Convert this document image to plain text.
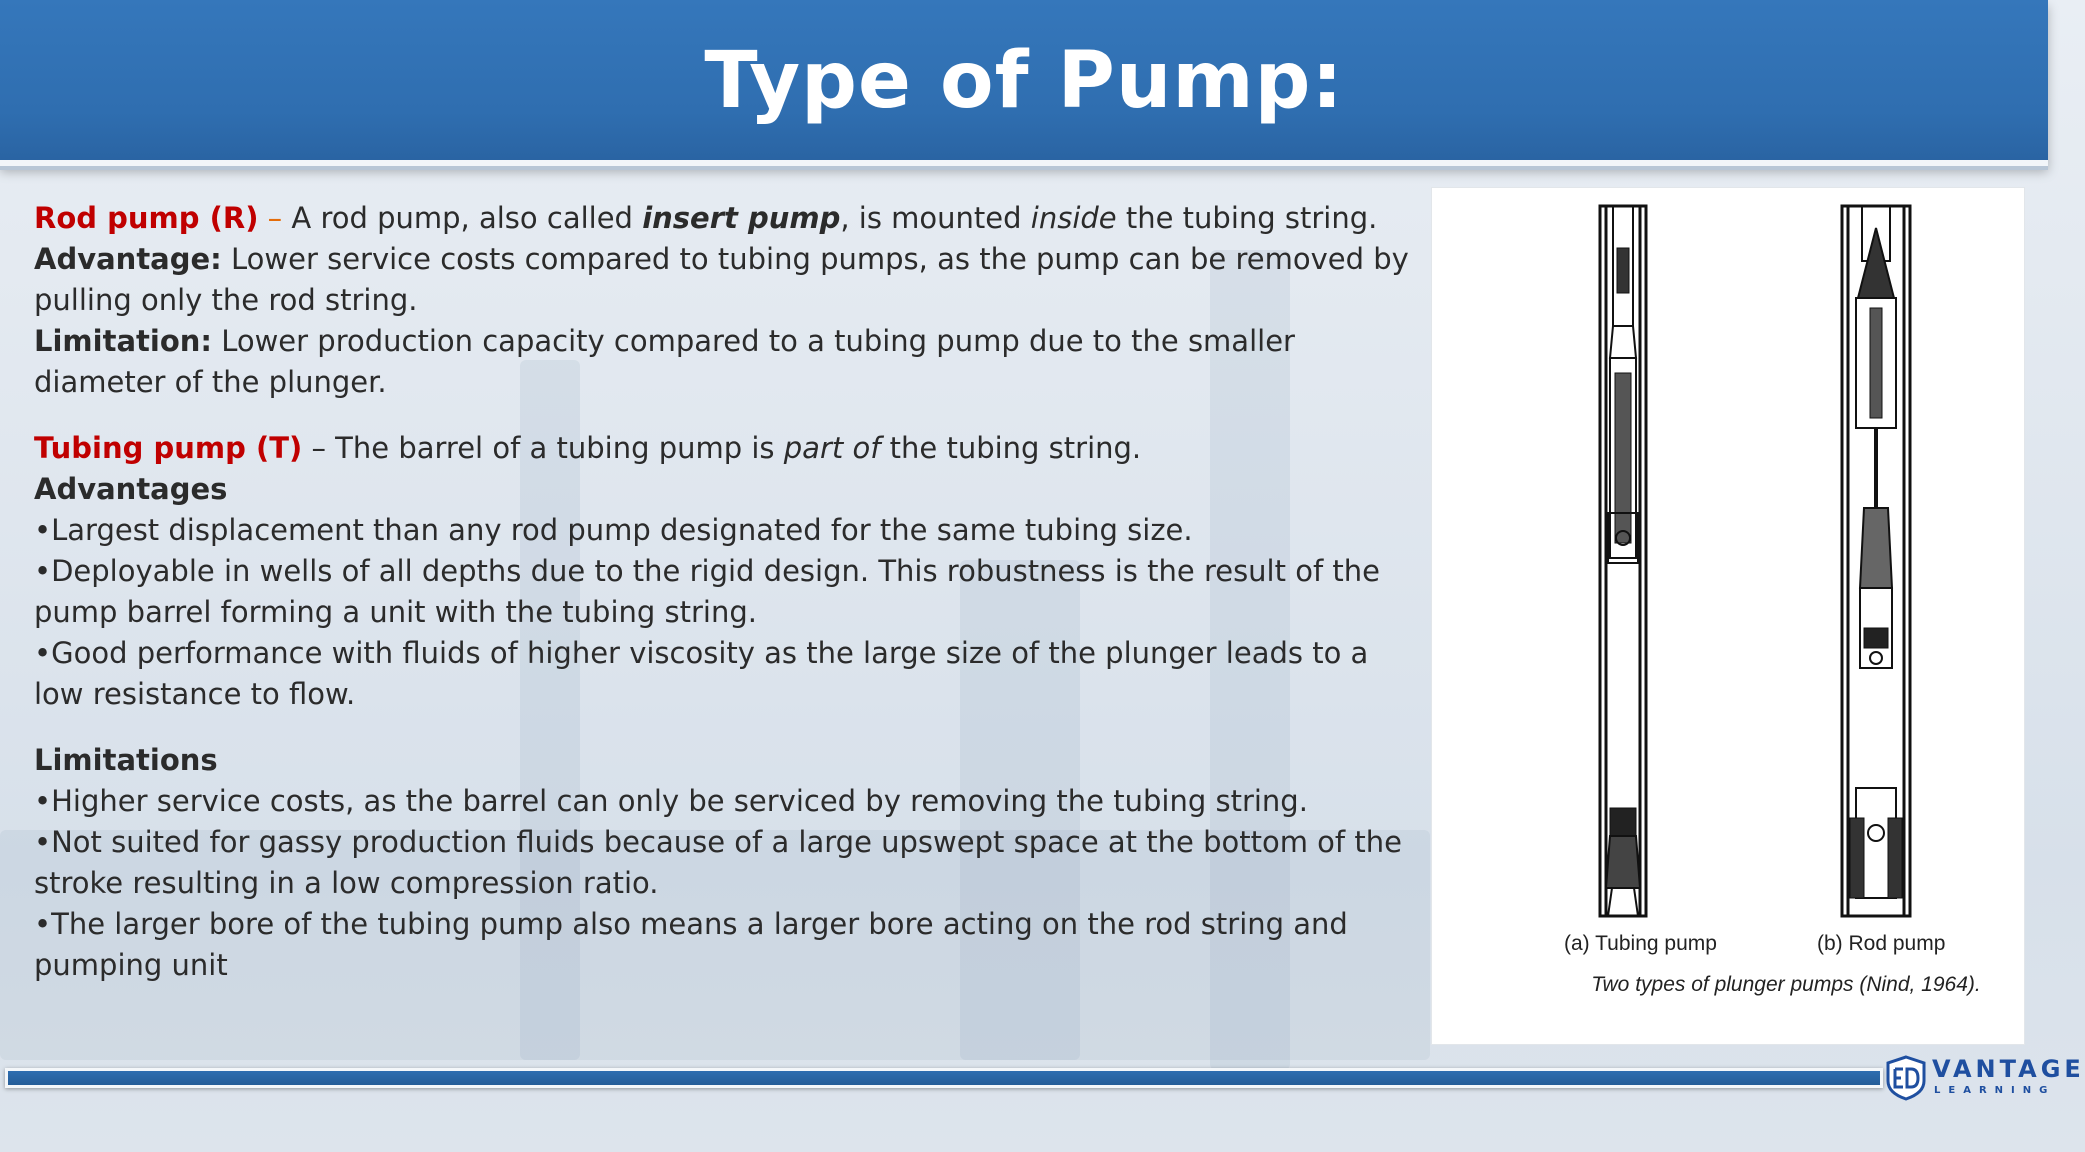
Type of Pump:

Rod pump (R) – A rod pump, also called insert pump, is mounted inside the tubing string.

Advantage: Lower service costs compared to tubing pumps, as the pump can be removed by pulling only the rod string.

Limitation: Lower production capacity compared to a tubing pump due to the smaller diameter of the plunger.

Tubing pump (T) – The barrel of a tubing pump is part of the tubing string.

Advantages

•Largest displacement than any rod pump designated for the same tubing size.

•Deployable in wells of all depths due to the rigid design. This robustness is the result of the pump barrel forming a unit with the tubing string.

•Good performance with fluids of higher viscosity as the large size of the plunger leads to a low resistance to flow.

Limitations

•Higher service costs, as the barrel can only be serviced by removing the tubing string.

•Not suited for gassy production fluids because of a large upswept space at the bottom of the stroke resulting in a low compression ratio.

•The larger bore of the tubing pump also means a larger bore acting on the rod string and pumping unit

(a) Tubing pump	(b) Rod pump
Two types of plunger pumps (Nind, 1964).
VANTAGE
LEARNING
